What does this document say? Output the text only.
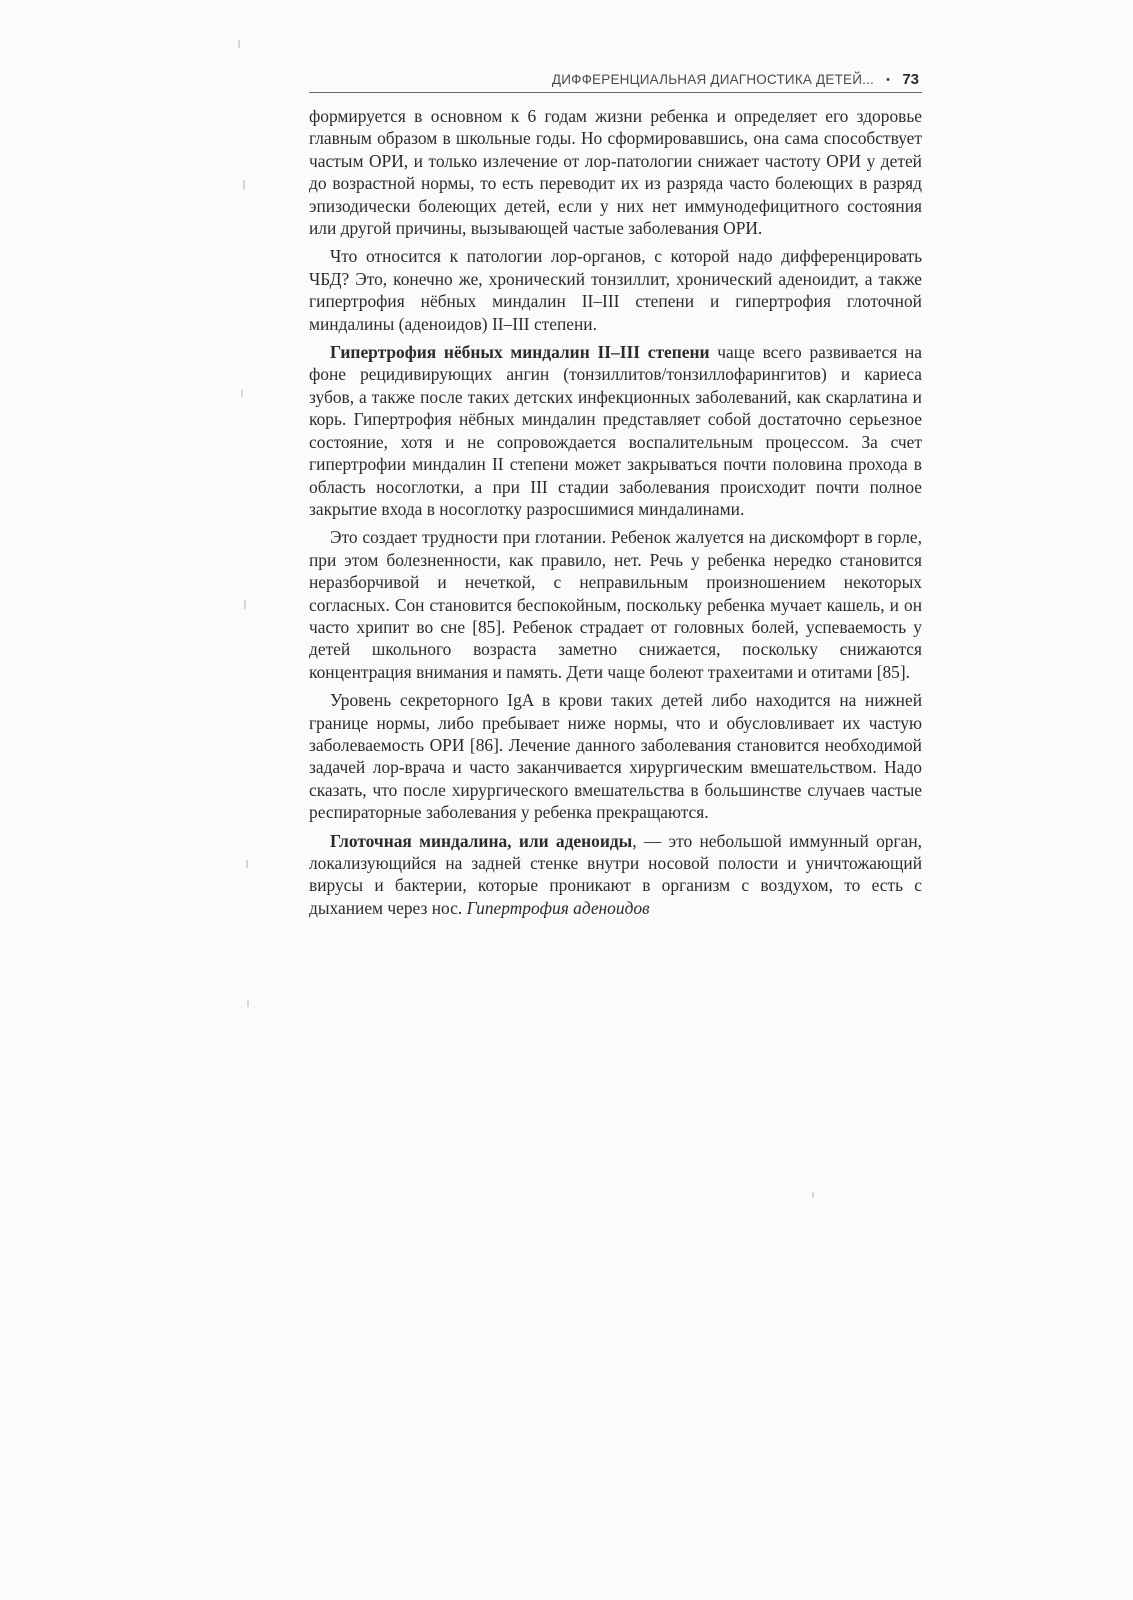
ДИФФЕРЕНЦИАЛЬНАЯ ДИАГНОСТИКА ДЕТЕЙ... • 73

формируется в основном к 6 годам жизни ребенка и определяет его здоровье главным образом в школьные годы. Но сформировавшись, она сама способствует частым ОРИ, и только излечение от лор-патологии снижает частоту ОРИ у детей до возрастной нормы, то есть переводит их из разряда часто болеющих в разряд эпизодически болеющих детей, если у них нет иммунодефицитного состояния или другой причины, вызывающей частые заболевания ОРИ.

Что относится к патологии лор-органов, с которой надо дифференцировать ЧБД? Это, конечно же, хронический тонзиллит, хронический аденоидит, а также гипертрофия нёбных миндалин II–III степени и гипертрофия глоточной миндалины (аденоидов) II–III степени.

Гипертрофия нёбных миндалин II–III степени чаще всего развивается на фоне рецидивирующих ангин (тонзиллитов/тонзиллофарингитов) и кариеса зубов, а также после таких детских инфекционных заболеваний, как скарлатина и корь. Гипертрофия нёбных миндалин представляет собой достаточно серьезное состояние, хотя и не сопровождается воспалительным процессом. За счет гипертрофии миндалин II степени может закрываться почти половина прохода в область носоглотки, а при III стадии заболевания происходит почти полное закрытие входа в носоглотку разросшимися миндалинами.

Это создает трудности при глотании. Ребенок жалуется на дискомфорт в горле, при этом болезненности, как правило, нет. Речь у ребенка нередко становится неразборчивой и нечеткой, с неправильным произношением некоторых согласных. Сон становится беспокойным, поскольку ребенка мучает кашель, и он часто хрипит во сне [85]. Ребенок страдает от головных болей, успеваемость у детей школьного возраста заметно снижается, поскольку снижаются концентрация внимания и память. Дети чаще болеют трахеитами и отитами [85].

Уровень секреторного IgA в крови таких детей либо находится на нижней границе нормы, либо пребывает ниже нормы, что и обусловливает их частую заболеваемость ОРИ [86]. Лечение данного заболевания становится необходимой задачей лор-врача и часто заканчивается хирургическим вмешательством. Надо сказать, что после хирургического вмешательства в большинстве случаев частые респираторные заболевания у ребенка прекращаются.

Глоточная миндалина, или аденоиды, — это небольшой иммунный орган, локализующийся на задней стенке внутри носовой полости и уничтожающий вирусы и бактерии, которые проникают в организм с воздухом, то есть с дыханием через нос. Гипертрофия аденоидов
